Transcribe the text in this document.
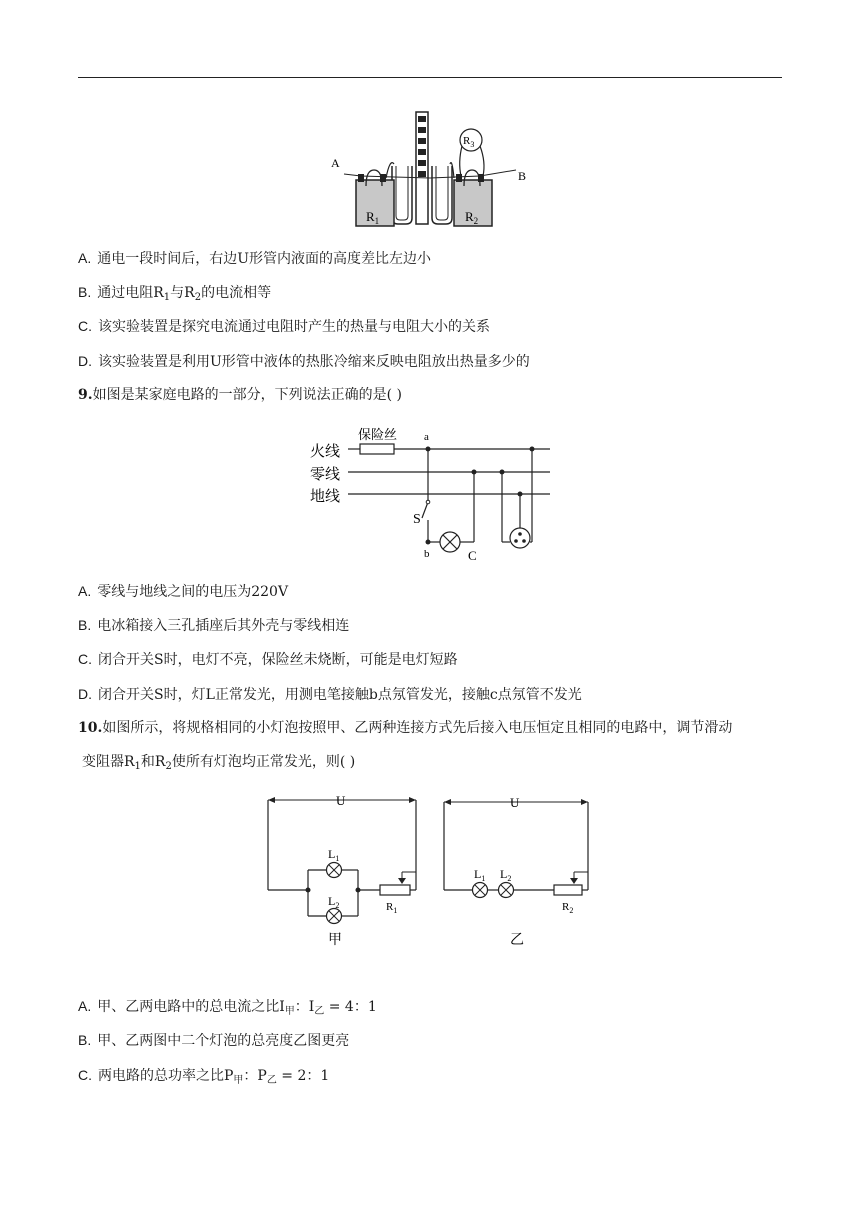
A
B
$R_1$	$R_2$
$R_3$
A. 通电一段时间后，右边U形管内液面的高度差比左边小
B. 通过电阻$R_1$与$R_2$的电流相等
C. 该实验装置是探究电流通过电阻时产生的热量与电阻大小的关系
D. 该实验装置是利用U形管中液体的热胀冷缩来反映电阻放出热量多少的
9.如图是某家庭电路的一部分，下列说法正确的是( )
火线
零线
地线
保险丝 a
S
b	C
A. 零线与地线之间的电压为220V
B. 电冰箱接入三孔插座后其外壳与零线相连
C. 闭合开关S时，电灯不亮，保险丝未烧断，可能是电灯短路
D. 闭合开关S时，灯L正常发光，用测电笔接触b点氖管发光，接触c点氖管不发光
10.如图所示，将规格相同的小灯泡按照甲、乙两种连接方式先后接入电压恒定且相同的电路中，调节滑动
变阻器$R_1$和$R_2$使所有灯泡均正常发光，则( )
U
$L_1$
$L_2$	$R_1$
甲
U
$L_1$ $L_2$
$R_2$
乙
A. 甲、乙两电路中的总电流之比$I_甲$：$I_乙 = 4$：1
B. 甲、乙两图中二个灯泡的总亮度乙图更亮
C. 两电路的总功率之比$P_甲$：$P_乙 = 2$：1
